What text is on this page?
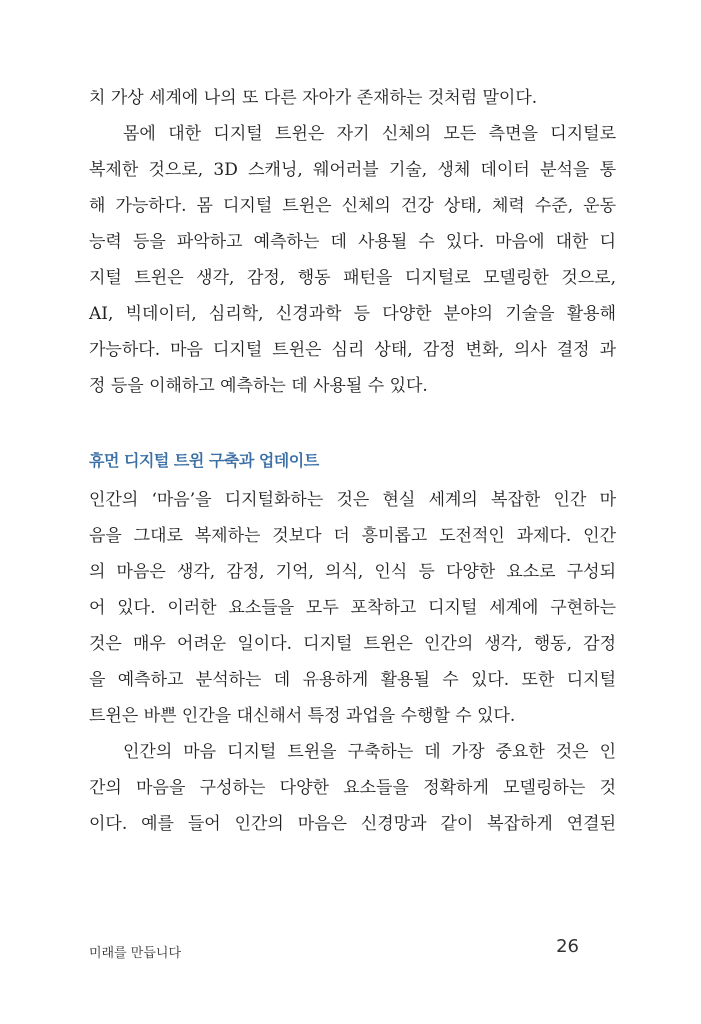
치 가상 세계에 나의 또 다른 자아가 존재하는 것처럼 말이다.
몸에 대한 디지털 트윈은 자기 신체의 모든 측면을 디지털로
복제한 것으로, 3D 스캐닝, 웨어러블 기술, 생체 데이터 분석을 통
해 가능하다. 몸 디지털 트윈은 신체의 건강 상태, 체력 수준, 운동
능력 등을 파악하고 예측하는 데 사용될 수 있다. 마음에 대한 디
지털 트윈은 생각, 감정, 행동 패턴을 디지털로 모델링한 것으로,
AI, 빅데이터, 심리학, 신경과학 등 다양한 분야의 기술을 활용해
가능하다. 마음 디지털 트윈은 심리 상태, 감정 변화, 의사 결정 과
정 등을 이해하고 예측하는 데 사용될 수 있다.
휴먼 디지털 트윈 구축과 업데이트
인간의 ‘마음’을 디지털화하는 것은 현실 세계의 복잡한 인간 마
음을 그대로 복제하는 것보다 더 흥미롭고 도전적인 과제다. 인간
의 마음은 생각, 감정, 기억, 의식, 인식 등 다양한 요소로 구성되
어 있다. 이러한 요소들을 모두 포착하고 디지털 세계에 구현하는
것은 매우 어려운 일이다. 디지털 트윈은 인간의 생각, 행동, 감정
을 예측하고 분석하는 데 유용하게 활용될 수 있다. 또한 디지털
트윈은 바쁜 인간을 대신해서 특정 과업을 수행할 수 있다.
인간의 마음 디지털 트윈을 구축하는 데 가장 중요한 것은 인
간의 마음을 구성하는 다양한 요소들을 정확하게 모델링하는 것
이다. 예를 들어 인간의 마음은 신경망과 같이 복잡하게 연결된
미래를 만듭니다	26
